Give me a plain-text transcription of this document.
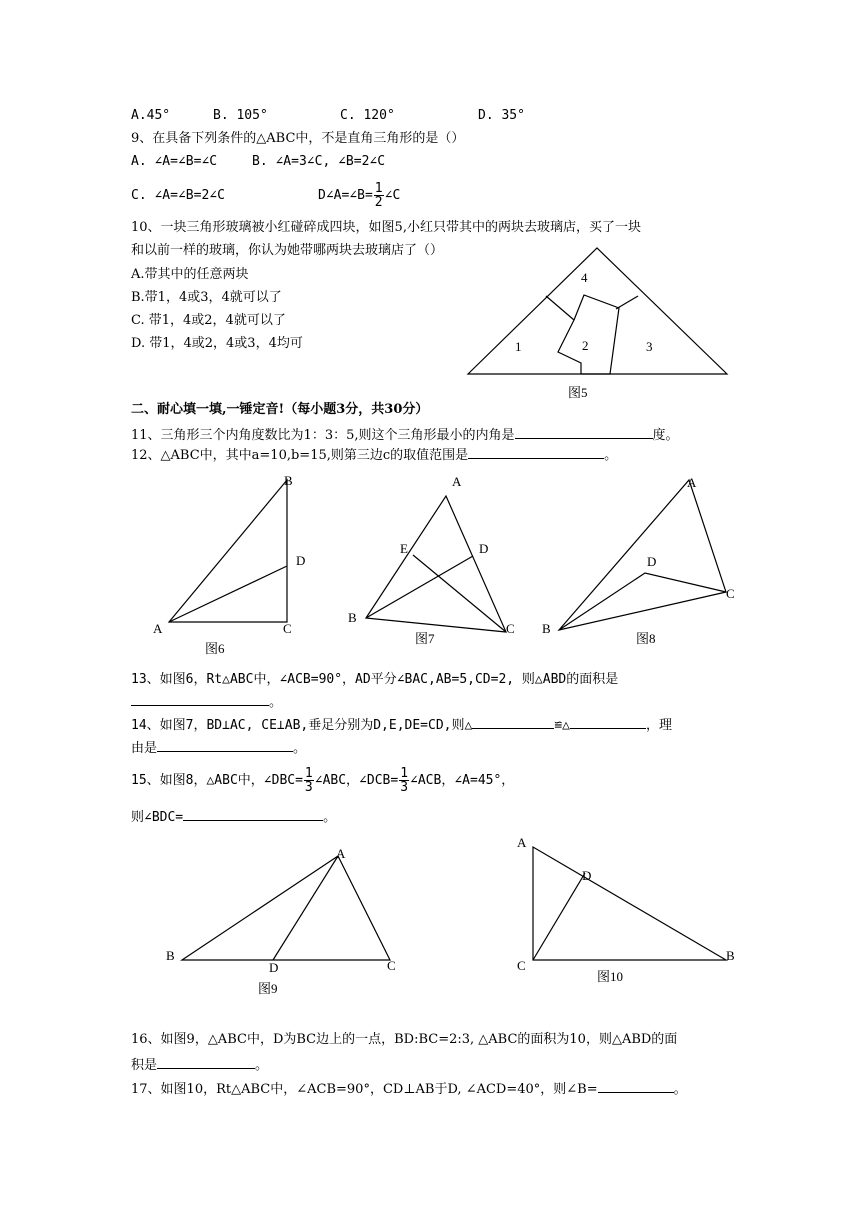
A.45°	B. 105°	C. 120°	D. 35°
9、在具备下列条件的△ABC中，不是直角三角形的是（）
A. ∠A=∠B=∠C	B. ∠A=3∠C, ∠B=2∠C
C. ∠A=∠B=2∠C	D∠A=∠B= $\frac{1}{2}$ ∠C
10、一块三角形玻璃被小红碰碎成四块，如图5,小红只带其中的两块去玻璃店，买了一块
和以前一样的玻璃，你认为她带哪两块去玻璃店了（）
A.带其中的任意两块
B.带1，4或3，4就可以了
C. 带1，4或2，4就可以了
D. 带1，4或2，4或3，4均可
4
1	2	3
图5
二、耐心填一填,一锤定音!（每小题3分，共30分）
11、三角形三个内角度数比为1：3：5,则这个三角形最小的内角是	度。
12、△ABC中，其中a=10,b=15,则第三边c的取值范围是	。
B
D
A	C
图6
A
E	D
B
C
图7
A
D
C
B
图8
13、如图6，Rt△ABC中，∠ACB=90°，AD平分∠BAC,AB=5,CD=2, 则△ABD的面积是
。
14、如图7，BD⊥AC, CE⊥AB,垂足分别为D,E,DE=CD,则△	≌△	，理
由是	。
15、如图8，△ABC中，∠DBC= $\frac{1}{3}$ ∠ABC，∠DCB= $\frac{1}{3}$ ∠ACB，∠A=45°，
则∠BDC=	。
A
B
D	C
图9
A
D
C
B
图10
16、如图9，△ABC中，D为BC边上的一点，BD:BC=2:3, △ABC的面积为10，则△ABD的面
积是	。
17、如图10，Rt△ABC中，∠ACB=90°，CD⊥AB于D, ∠ACD=40°，则∠B=	。
